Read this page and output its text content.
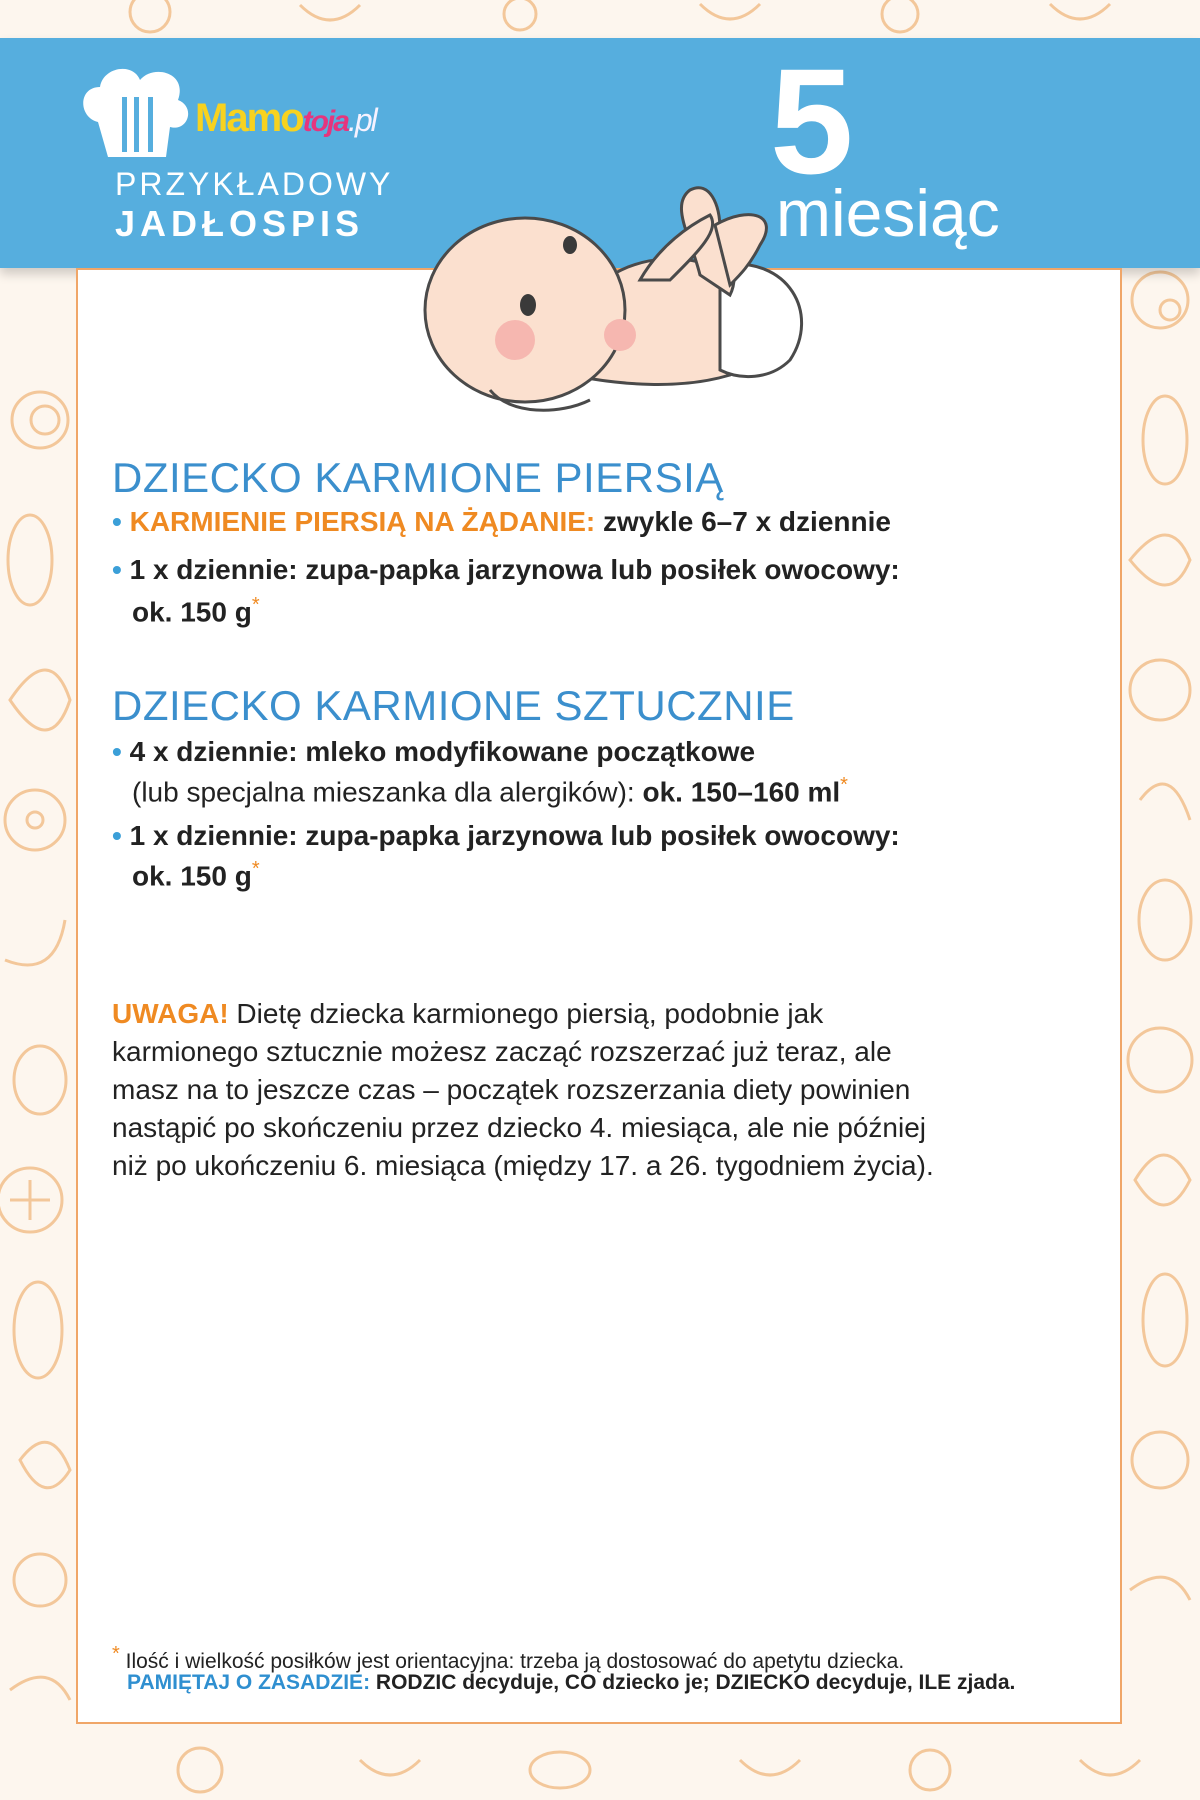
Mamotoja.pl
PRZYKŁADOWY
JADŁOSPIS
5
miesiąc
DZIECKO KARMIONE PIERSIĄ
• KARMIENIE PIERSIĄ NA ŻĄDANIE: zwykle 6–7 x dziennie
• 1 x dziennie: zupa-papka jarzynowa lub posiłek owocowy:
ok. 150 g*
DZIECKO KARMIONE SZTUCZNIE
• 4 x dziennie: mleko modyfikowane początkowe
(lub specjalna mieszanka dla alergików): ok. 150–160 ml*
• 1 x dziennie: zupa-papka jarzynowa lub posiłek owocowy:
ok. 150 g*
UWAGA! Dietę dziecka karmionego piersią, podobnie jak
karmionego sztucznie możesz zacząć rozszerzać już teraz, ale
masz na to jeszcze czas – początek rozszerzania diety powinien
nastąpić po skończeniu przez dziecko 4. miesiąca, ale nie później
niż po ukończeniu 6. miesiąca (między 17. a 26. tygodniem życia).
* Ilość i wielkość posiłków jest orientacyjna: trzeba ją dostosować do apetytu dziecka.
PAMIĘTAJ O ZASADZIE: RODZIC decyduje, CO dziecko je; DZIECKO decyduje, ILE zjada.
